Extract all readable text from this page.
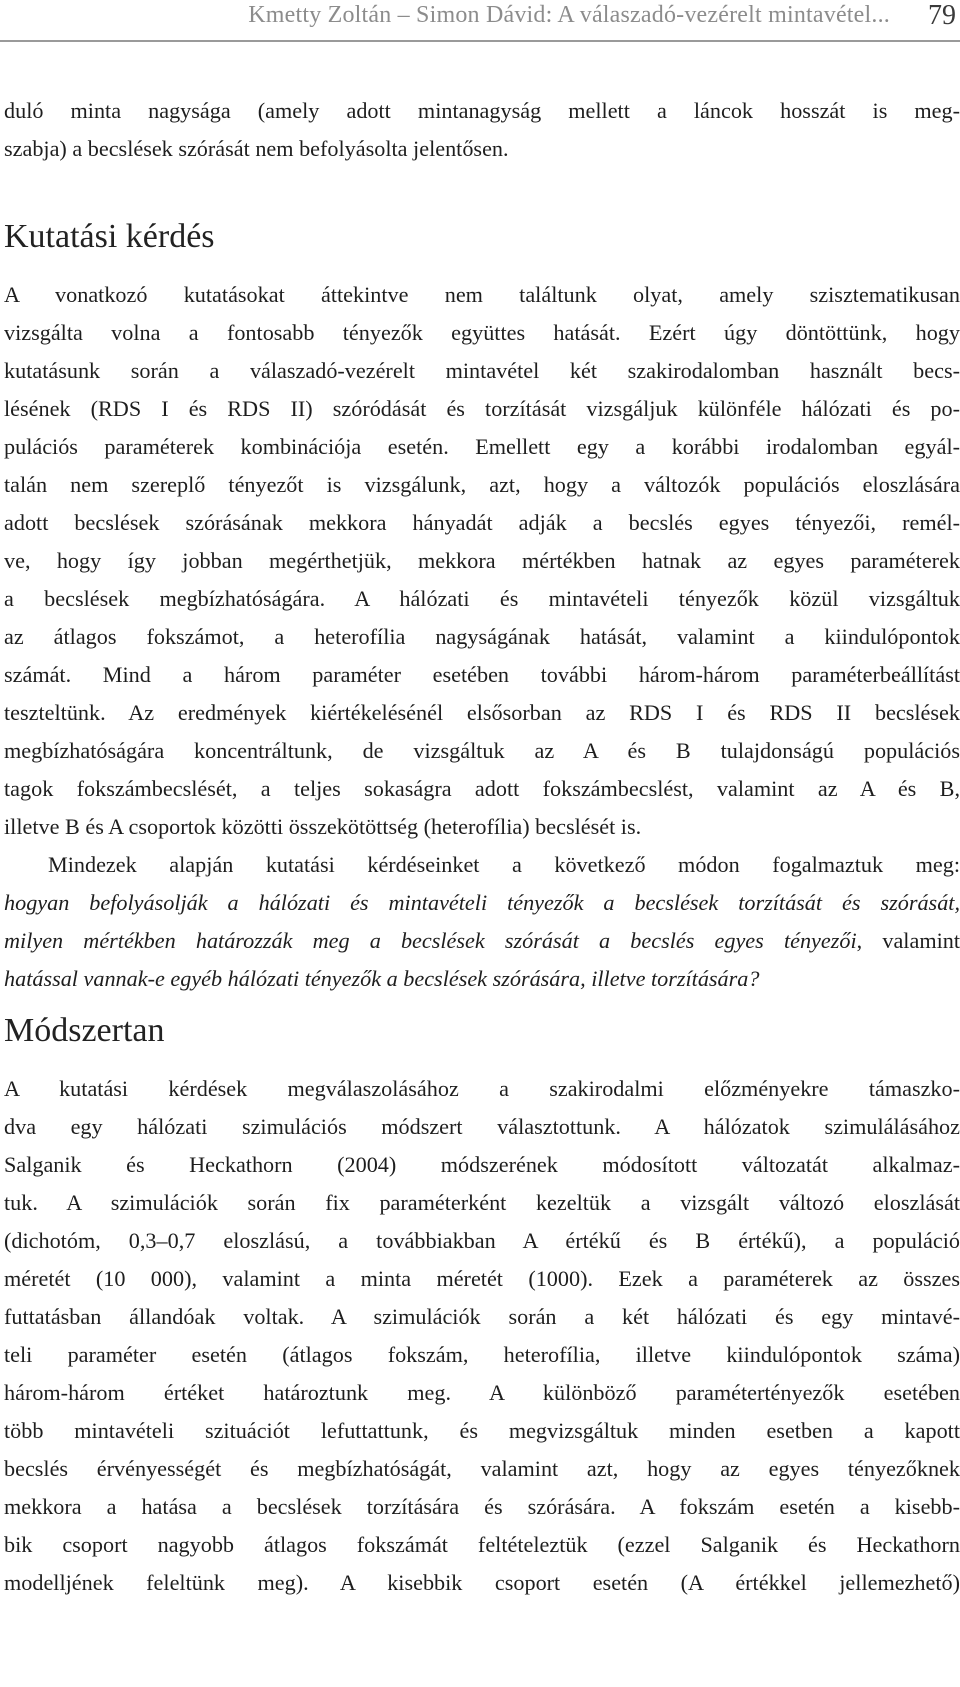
Kmetty Zoltán – Simon Dávid: A válaszadó-vezérelt mintavétel... 79
duló minta nagysága (amely adott mintanagyság mellett a láncok hosszát is meg-
szabja) a becslések szórását nem befolyásolta jelentősen.
Kutatási kérdés
A vonatkozó kutatásokat áttekintve nem találtunk olyat, amely szisztematikusan
vizsgálta volna a fontosabb tényezők együttes hatását. Ezért úgy döntöttünk, hogy
kutatásunk során a válaszadó-vezérelt mintavétel két szakirodalomban használt becs-
lésének (RDS I és RDS II) szóródását és torzítását vizsgáljuk különféle hálózati és po-
pulációs paraméterek kombinációja esetén. Emellett egy a korábbi irodalomban egyál-
talán nem szereplő tényezőt is vizsgálunk, azt, hogy a változók populációs eloszlására
adott becslések szórásának mekkora hányadát adják a becslés egyes tényezői, remél-
ve, hogy így jobban megérthetjük, mekkora mértékben hatnak az egyes paraméterek
a becslések megbízhatóságára. A hálózati és mintavételi tényezők közül vizsgáltuk
az átlagos fokszámot, a heterofília nagyságának hatását, valamint a kiindulópontok
számát. Mind a három paraméter esetében további három-három paraméterbeállítást
teszteltünk. Az eredmények kiértékelésénél elsősorban az RDS I és RDS II becslések
megbízhatóságára koncentráltunk, de vizsgáltuk az A és B tulajdonságú populációs
tagok fokszámbecslését, a teljes sokaságra adott fokszámbecslést, valamint az A és B,
illetve B és A csoportok közötti összekötöttség (heterofília) becslését is.
Mindezek alapján kutatási kérdéseinket a következő módon fogalmaztuk meg:
hogyan befolyásolják a hálózati és mintavételi tényezők a becslések torzítását és szórását,
milyen mértékben határozzák meg a becslések szórását a becslés egyes tényezői, valamint
hatással vannak-e egyéb hálózati tényezők a becslések szórására, illetve torzítására?
Módszertan
A kutatási kérdések megválaszolásához a szakirodalmi előzményekre támaszko-
dva egy hálózati szimulációs módszert választottunk. A hálózatok szimulálásához
Salganik és Heckathorn (2004) módszerének módosított változatát alkalmaz-
tuk. A szimulációk során fix paraméterként kezeltük a vizsgált változó eloszlását
(dichotóm, 0,3–0,7 eloszlású, a továbbiakban A értékű és B értékű), a populáció
méretét (10 000), valamint a minta méretét (1000). Ezek a paraméterek az összes
futtatásban állandóak voltak. A szimulációk során a két hálózati és egy mintavé-
teli paraméter esetén (átlagos fokszám, heterofília, illetve kiindulópontok száma)
három-három értéket határoztunk meg. A különböző paramétertényezők esetében
több mintavételi szituációt lefuttattunk, és megvizsgáltuk minden esetben a kapott
becslés érvényességét és megbízhatóságát, valamint azt, hogy az egyes tényezőknek
mekkora a hatása a becslések torzítására és szórására. A fokszám esetén a kisebb-
bik csoport nagyobb átlagos fokszámát feltételeztük (ezzel Salganik és Heckathorn
modelljének feleltünk meg). A kisebbik csoport esetén (A értékkel jellemezhető)
